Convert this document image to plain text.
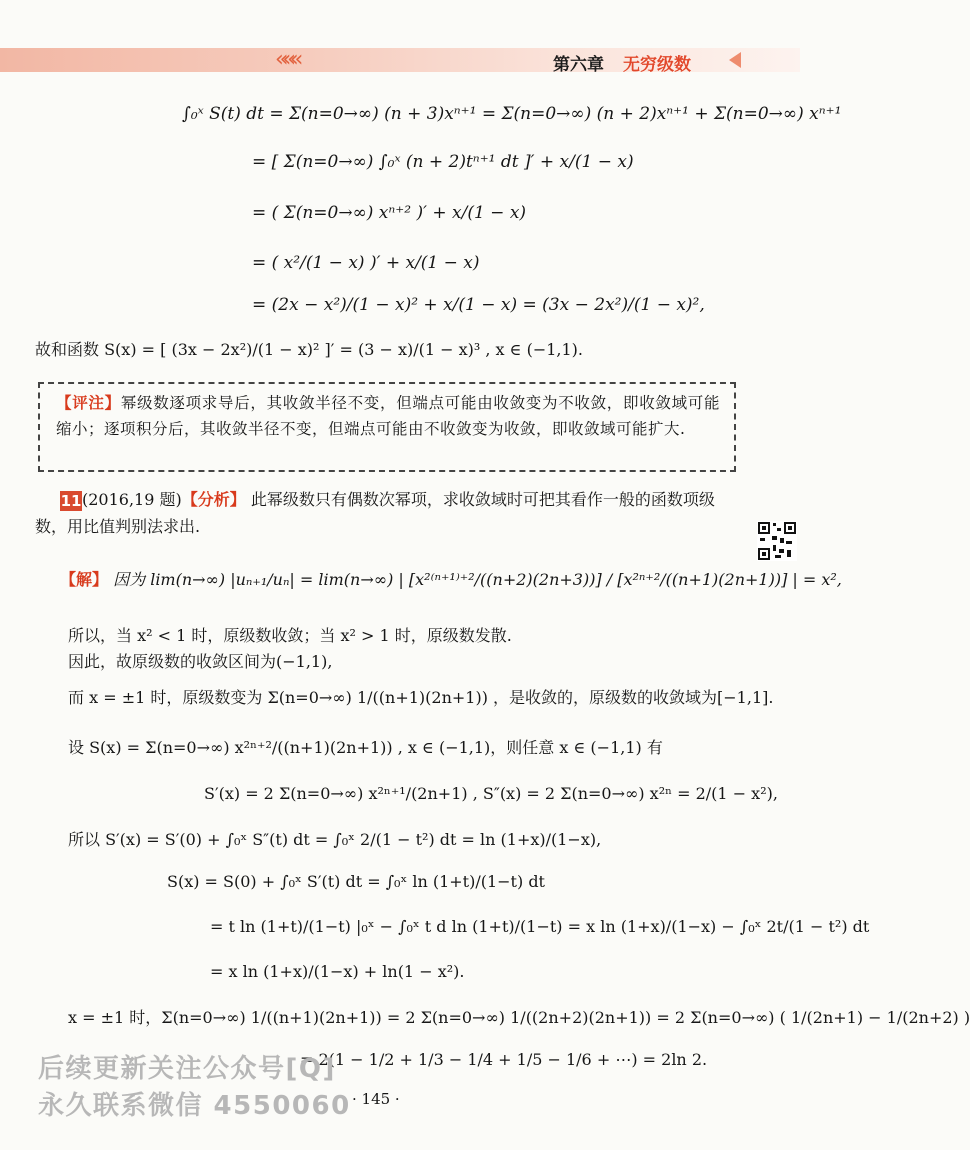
«««	第六章 无穷级数
∫₀ˣ S(t) dt = Σ(n=0→∞) (n + 3)xⁿ⁺¹ = Σ(n=0→∞) (n + 2)xⁿ⁺¹ + Σ(n=0→∞) xⁿ⁺¹
= [ Σ(n=0→∞) ∫₀ˣ (n + 2)tⁿ⁺¹ dt ]′ + x/(1 − x)
= ( Σ(n=0→∞) xⁿ⁺² )′ + x/(1 − x)
= ( x²/(1 − x) )′ + x/(1 − x)
= (2x − x²)/(1 − x)² + x/(1 − x) = (3x − 2x²)/(1 − x)²,
故和函数 S(x) = [ (3x − 2x²)/(1 − x)² ]′ = (3 − x)/(1 − x)³ , x ∈ (−1,1).
【评注】幂级数逐项求导后，其收敛半径不变，但端点可能由收敛变为不收敛，即收敛域可能缩小；逐项积分后，其收敛半径不变，但端点可能由不收敛变为收敛，即收敛域可能扩大.
11(2016,19 题)【分析】 此幂级数只有偶数次幂项，求收敛域时可把其看作一般的函数项级
数，用比值判别法求出.
【解】 因为 lim(n→∞) |uₙ₊₁/uₙ| = lim(n→∞) | [x²⁽ⁿ⁺¹⁾⁺²/((n+2)(2n+3))] / [x²ⁿ⁺²/((n+1)(2n+1))] | = x²,
所以，当 x² < 1 时，原级数收敛；当 x² > 1 时，原级数发散.
因此，故原级数的收敛区间为(−1,1),
而 x = ±1 时，原级数变为 Σ(n=0→∞) 1/((n+1)(2n+1)) ，是收敛的，原级数的收敛域为[−1,1].
设 S(x) = Σ(n=0→∞) x²ⁿ⁺²/((n+1)(2n+1)) , x ∈ (−1,1)，则任意 x ∈ (−1,1) 有
S′(x) = 2 Σ(n=0→∞) x²ⁿ⁺¹/(2n+1) , S″(x) = 2 Σ(n=0→∞) x²ⁿ = 2/(1 − x²),
所以 S′(x) = S′(0) + ∫₀ˣ S″(t) dt = ∫₀ˣ 2/(1 − t²) dt = ln (1+x)/(1−x),
S(x) = S(0) + ∫₀ˣ S′(t) dt = ∫₀ˣ ln (1+t)/(1−t) dt
= t ln (1+t)/(1−t) |₀ˣ − ∫₀ˣ t d ln (1+t)/(1−t) = x ln (1+x)/(1−x) − ∫₀ˣ 2t/(1 − t²) dt
= x ln (1+x)/(1−x) + ln(1 − x²).
x = ±1 时，Σ(n=0→∞) 1/((n+1)(2n+1)) = 2 Σ(n=0→∞) 1/((2n+2)(2n+1)) = 2 Σ(n=0→∞) ( 1/(2n+1) − 1/(2n+2) )
= 2(1 − 1/2 + 1/3 − 1/4 + 1/5 − 1/6 + ⋯) = 2ln 2.
后续更新关注公众号[Q]
永久联系微信 4550060 · 145 ·
